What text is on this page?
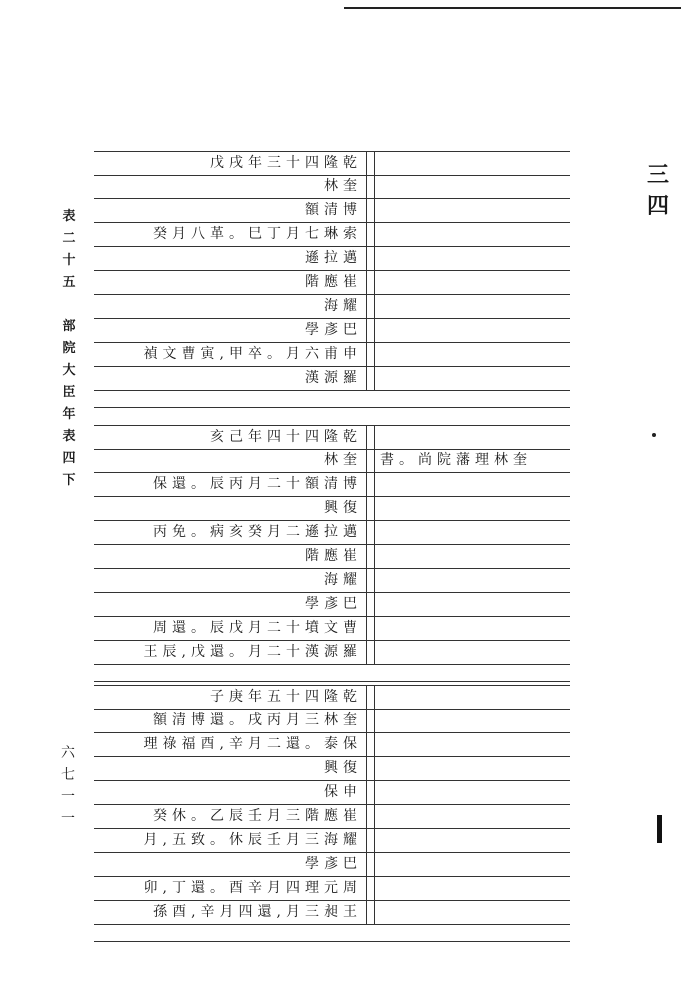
三四
表
二
十
五
部
院
大
臣
年
表
四
下
六
七
一
一
戊戌年三十四隆乾
林奎
額清博
癸月八革。巳丁月七琳索
遜拉邁
階應崔
海耀
學彥巴
禎文曹寅,甲卒。月六甫申
漢源羅
亥己年四十四隆乾
林奎 書。尚院藩理林奎
保還。辰丙月二十額清博
興復
丙免。病亥癸月二遜拉邁
階應崔
海耀
學彥巴
周還。辰戊月二十墳文曹
王辰,戊還。月二十漢源羅
子庚年五十四隆乾
額清博還。戌丙月三林奎
理祿福酉,辛月二還。泰保
興復
保申
癸休。乙辰壬月三階應崔
月,五致。休辰壬月三海耀
學彥巴
卯,丁還。酉辛月四理元周
孫酉,辛月四還,月三昶王
